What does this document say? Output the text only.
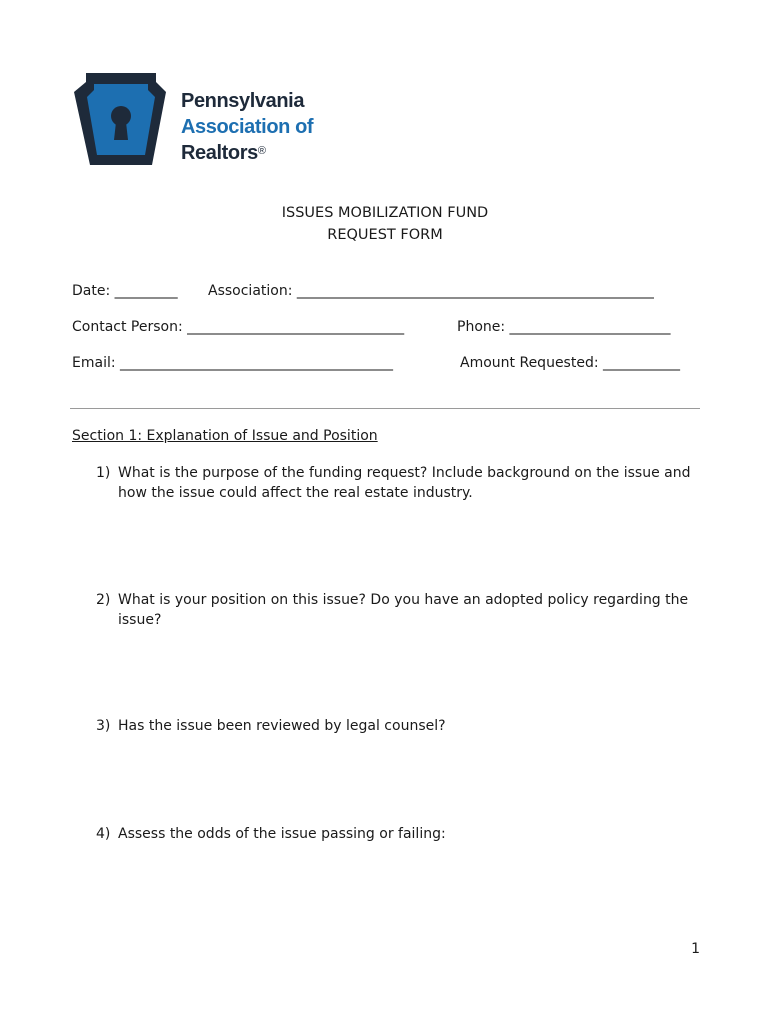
Pennsylvania
Association of
Realtors®
ISSUES MOBILIZATION FUND
REQUEST FORM
Date: _________ Association: ___________________________________________________
Contact Person: _______________________________	Phone: _______________________
Email: _______________________________________	Amount Requested: ___________
Section 1: Explanation of Issue and Position
1) What is the purpose of the funding request? Include background on the issue and how the issue could affect the real estate industry.
2) What is your position on this issue? Do you have an adopted policy regarding the issue?
3) Has the issue been reviewed by legal counsel?
4) Assess the odds of the issue passing or failing:
1
